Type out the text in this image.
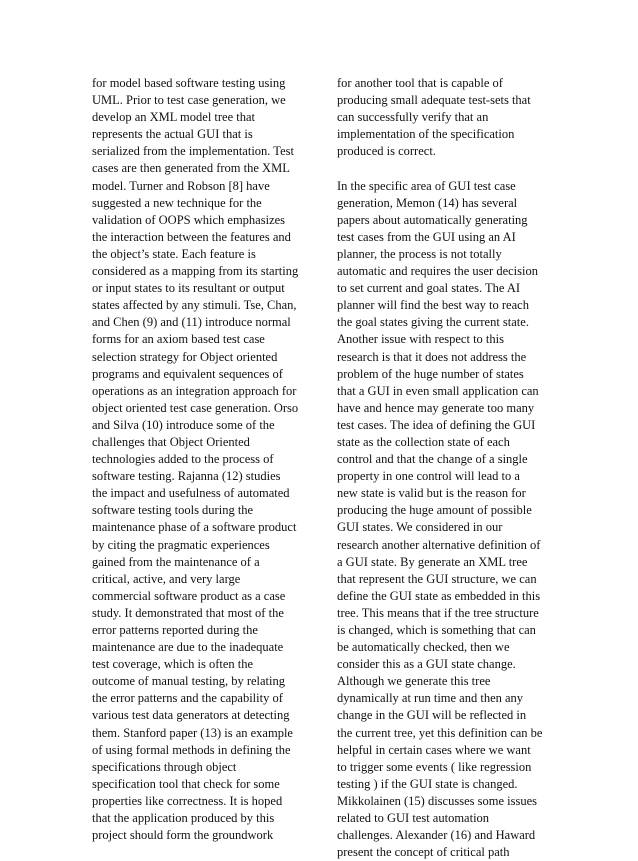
for model based software testing using
UML. Prior to test case generation, we
develop an XML model tree that
represents the actual GUI that is
serialized from the implementation. Test
cases are then generated from the XML
model. Turner and Robson [8] have
suggested a new technique for the
validation of OOPS which emphasizes
the interaction between the features and
the object’s state. Each feature is
considered as a mapping from its starting
or input states to its resultant or output
states affected by any stimuli. Tse, Chan,
and Chen (9) and (11) introduce normal
forms for an axiom based test case
selection strategy for Object oriented
programs and equivalent sequences of
operations as an integration approach for
object oriented test case generation. Orso
and Silva (10) introduce some of the
challenges that Object Oriented
technologies added to the process of
software testing. Rajanna (12) studies
the impact and usefulness of automated
software testing tools during the
maintenance phase of a software product
by citing the pragmatic experiences
gained from the maintenance of a
critical, active, and very large
commercial software product as a case
study. It demonstrated that most of the
error patterns reported during the
maintenance are due to the inadequate
test coverage, which is often the
outcome of manual testing, by relating
the error patterns and the capability of
various test data generators at detecting
them. Stanford paper (13) is an example
of using formal methods in defining the
specifications through object
specification tool that check for some
properties like correctness. It is hoped
that the application produced by this
project should form the groundwork
for another tool that is capable of
producing small adequate test-sets that
can successfully verify that an
implementation of the specification
produced is correct.
In the specific area of GUI test case
generation, Memon (14) has several
papers about automatically generating
test cases from the GUI using an AI
planner, the process is not totally
automatic and requires the user decision
to set current and goal states. The AI
planner will find the best way to reach
the goal states giving the current state.
Another issue with respect to this
research is that it does not address the
problem of the huge number of states
that a GUI in even small application can
have and hence may generate too many
test cases. The idea of defining the GUI
state as the collection state of each
control and that the change of a single
property in one control will lead to a
new state is valid but is the reason for
producing the huge amount of possible
GUI states. We considered in our
research another alternative definition of
a GUI state. By generate an XML tree
that represent the GUI structure, we can
define the GUI state as embedded in this
tree. This means that if the tree structure
is changed, which is something that can
be automatically checked, then we
consider this as a GUI state change.
Although we generate this tree
dynamically at run time and then any
change in the GUI will be reflected in
the current tree, yet this definition can be
helpful in certain cases where we want
to trigger some events ( like regression
testing ) if the GUI state is changed.
Mikkolainen (15) discusses some issues
related to GUI test automation
challenges. Alexander (16) and Haward
present the concept of critical path
